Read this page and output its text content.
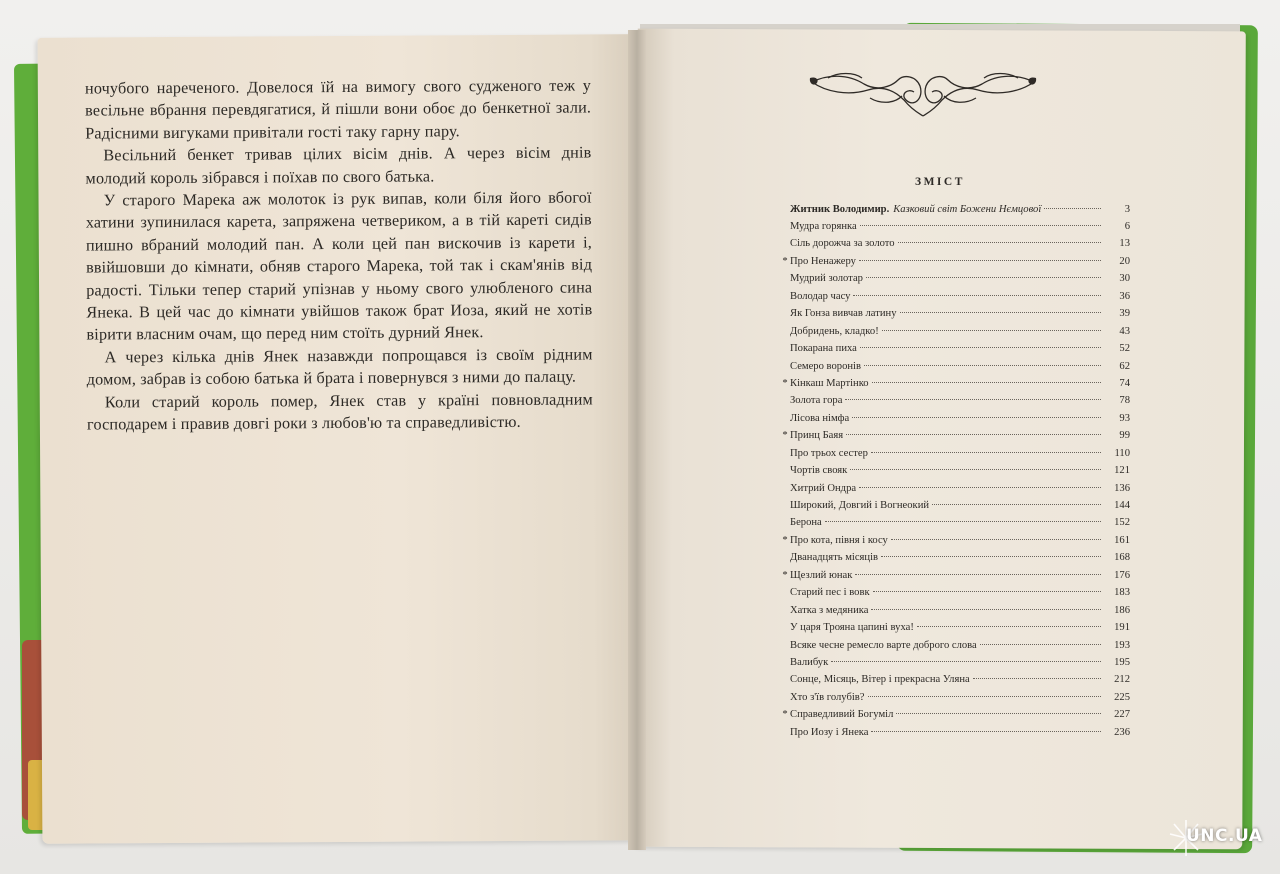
ночубого нареченого. Довелося їй на вимогу свого судженого теж у весільне вбрання перевдягатися, й пішли вони обоє до бенкетної зали. Радісними вигуками привітали гості таку гарну пару.

Весільний бенкет тривав цілих вісім днів. А через вісім днів молодий король зібрався і поїхав по свого батька.

У старого Марека аж молоток із рук випав, коли біля його вбогої хатини зупинилася карета, запряжена четвериком, а в тій кареті сидів пишно вбраний молодий пан. А коли цей пан вискочив із карети і, ввійшовши до кімнати, обняв старого Марека, той так і скам'янів від радості. Тільки тепер старий упізнав у ньому свого улюбленого сина Янека. В цей час до кімнати увійшов також брат Иоза, який не хотів вірити власним очам, що перед ним стоїть дурний Янек.

А через кілька днів Янек назавжди попрощався із своїм рідним домом, забрав із собою батька й брата і повернувся з ними до палацу.

Коли старий король помер, Янек став у країні повновладним господарем і правив довгі роки з любов'ю та справедливістю.

ЗМІСТ
Житник Володимир. Казковий світ Божени Нємцової	3
Мудра горянка	6
Сіль дорожча за золото	13
* Про Ненажеру	20
Мудрий золотар	30
Володар часу	36
Як Гонза вивчав латину	39
Добридень, кладко!	43
Покарана пиха	52
Семеро воронів	62
* Кінкаш Мартінко	74
Золота гора	78
Лісова німфа	93
* Принц Баяя	99
Про трьох сестер	110
Чортів свояк	121
Хитрий Ондра	136
Широкий, Довгий і Вогнеокий	144
Берона	152
* Про кота, півня і косу	161
Дванадцять місяців	168
* Щезлий юнак	176
Старий пес і вовк	183
Хатка з медяника	186
У царя Трояна цапині вуха!	191
Всяке чесне ремесло варте доброго слова	193
Валибук	195
Сонце, Місяць, Вітер і прекрасна Уляна	212
Хто з'їв голубів?	225
* Справедливий Богуміл	227
Про Иозу і Янека	236
UNC.UA
